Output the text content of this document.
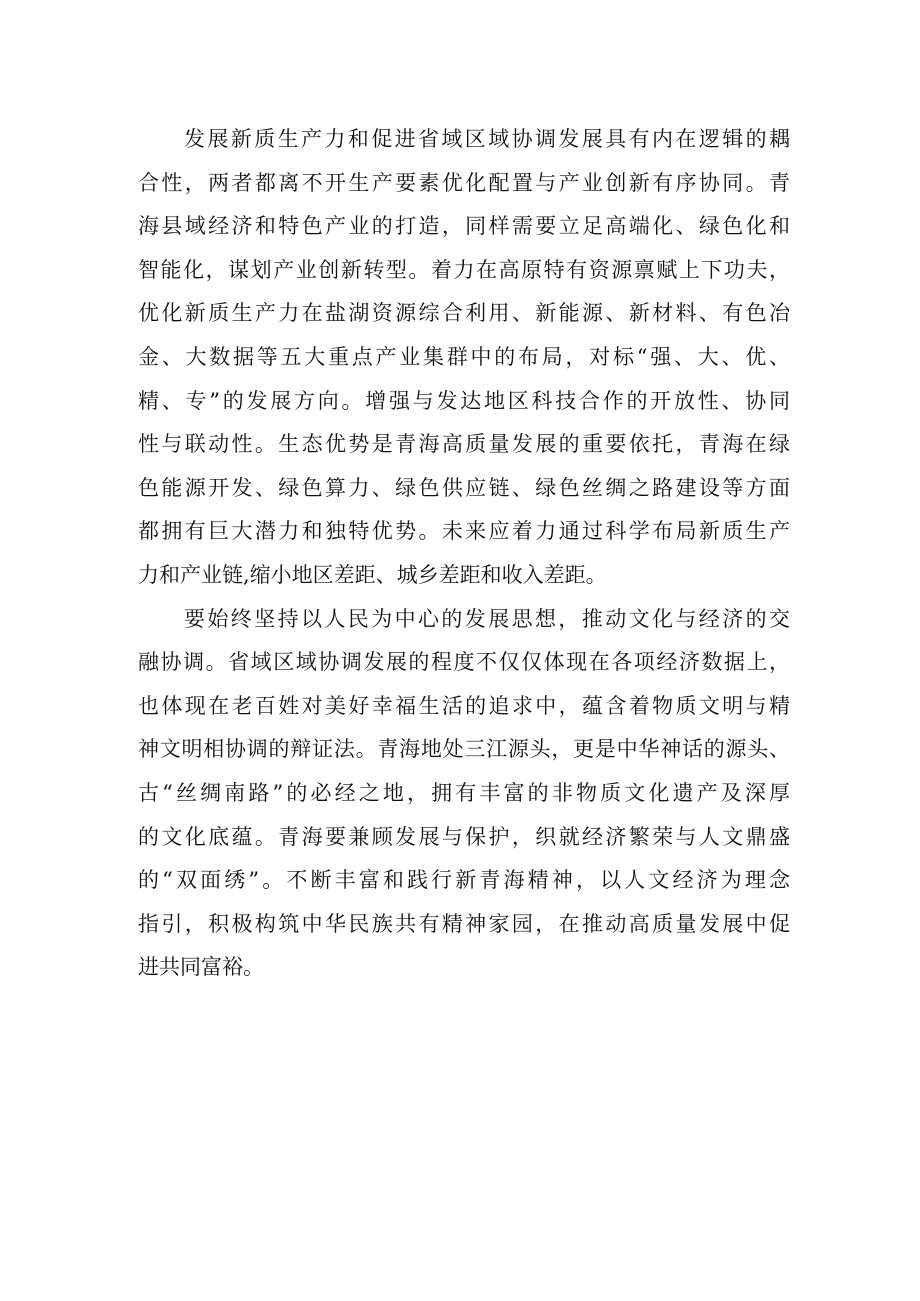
发展新质生产力和促进省域区域协调发展具有内在逻辑的耦
合性，两者都离不开生产要素优化配置与产业创新有序协同。青
海县域经济和特色产业的打造，同样需要立足高端化、绿色化和
智能化，谋划产业创新转型。着力在高原特有资源禀赋上下功夫，
优化新质生产力在盐湖资源综合利用、新能源、新材料、有色冶
金、大数据等五大重点产业集群中的布局，对标“强、大、优、
精、专”的发展方向。增强与发达地区科技合作的开放性、协同
性与联动性。生态优势是青海高质量发展的重要依托，青海在绿
色能源开发、绿色算力、绿色供应链、绿色丝绸之路建设等方面
都拥有巨大潜力和独特优势。未来应着力通过科学布局新质生产
力和产业链,缩小地区差距、城乡差距和收入差距。
要始终坚持以人民为中心的发展思想，推动文化与经济的交
融协调。省域区域协调发展的程度不仅仅体现在各项经济数据上，
也体现在老百姓对美好幸福生活的追求中，蕴含着物质文明与精
神文明相协调的辩证法。青海地处三江源头，更是中华神话的源头、
古“丝绸南路”的必经之地，拥有丰富的非物质文化遗产及深厚
的文化底蕴。青海要兼顾发展与保护，织就经济繁荣与人文鼎盛
的“双面绣”。不断丰富和践行新青海精神，以人文经济为理念
指引，积极构筑中华民族共有精神家园，在推动高质量发展中促
进共同富裕。
